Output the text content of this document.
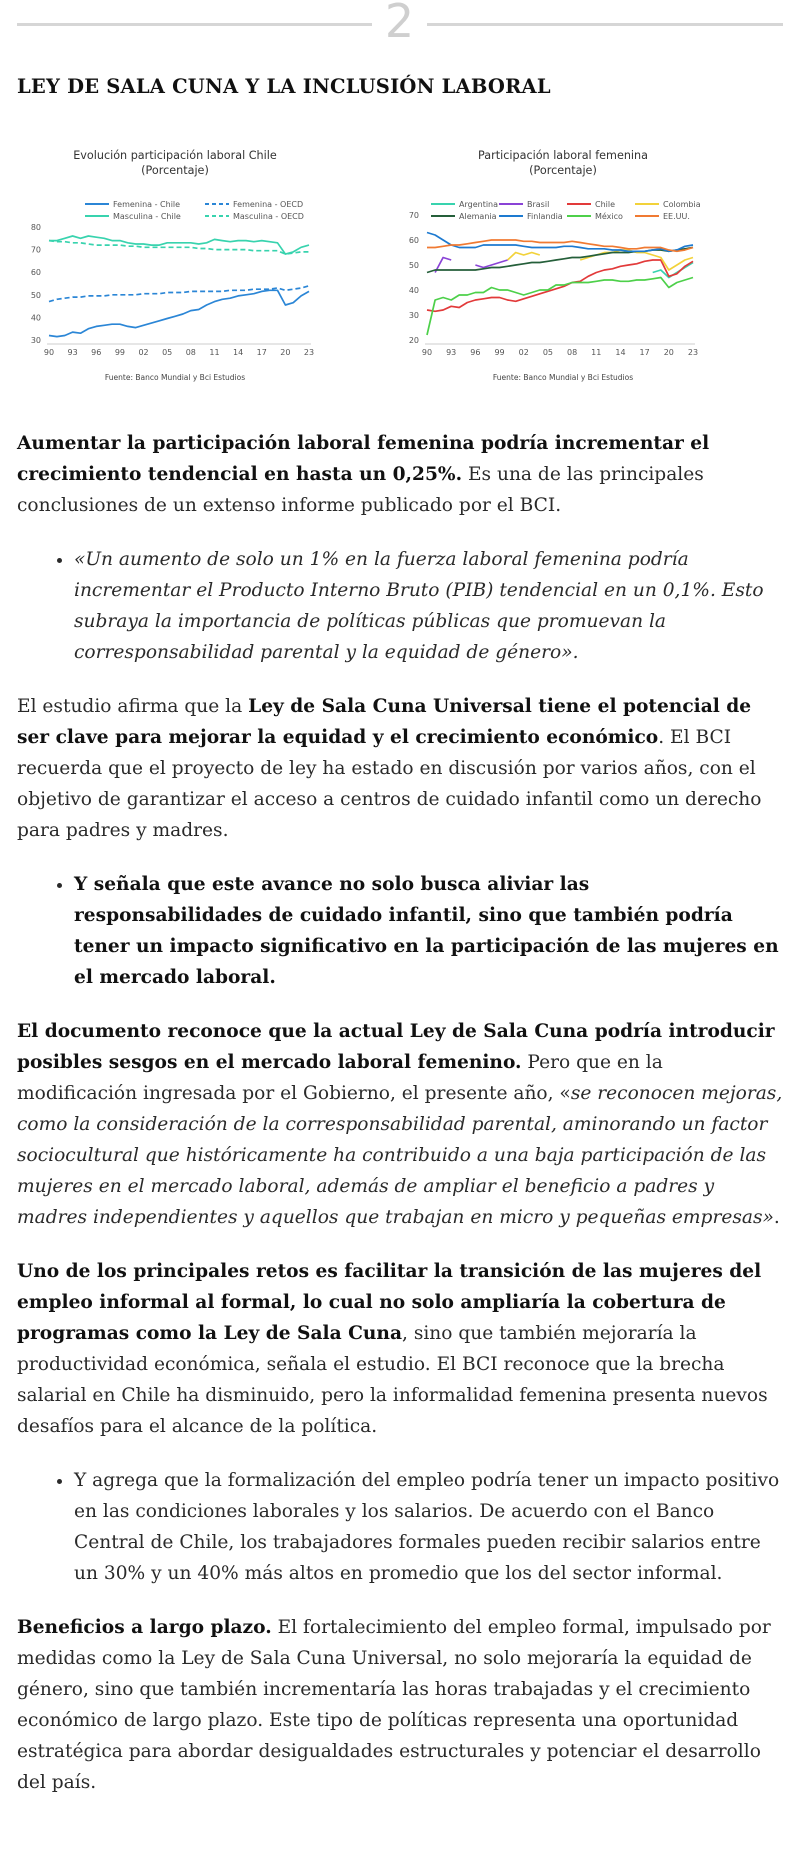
2
LEY DE SALA CUNA Y LA INCLUSIÓN LABORAL
Evolución participación laboral Chile
(Porcentaje)
Femenina - Chile	Femenina - OECD
Masculina - Chile	Masculina - OECD
30
40
50
60
70
80
90 93 96 99 02 05 08 11 14 17 20 23
Fuente: Banco Mundial y Bci Estudios
Participación laboral femenina
(Porcentaje)
Argentina	Brasil	Chile	Colombia
Alemania	Finlandia	México	EE.UU.
20
30
40
50
60
70
90 93 96 99 02 05 08 11 14 17 20 23
Fuente: Banco Mundial y Bci Estudios

Aumentar la participación laboral femenina podría incrementar el crecimiento tendencial en hasta un 0,25%. Es una de las principales conclusiones de un extenso informe publicado por el BCI.

• «Un aumento de solo un 1% en la fuerza laboral femenina podría incrementar el Producto Interno Bruto (PIB) tendencial en un 0,1%. Esto subraya la importancia de políticas públicas que promuevan la corresponsabilidad parental y la equidad de género».

El estudio afirma que la Ley de Sala Cuna Universal tiene el potencial de ser clave para mejorar la equidad y el crecimiento económico. El BCI recuerda que el proyecto de ley ha estado en discusión por varios años, con el objetivo de garantizar el acceso a centros de cuidado infantil como un derecho para padres y madres.

• Y señala que este avance no solo busca aliviar las responsabilidades de cuidado infantil, sino que también podría tener un impacto significativo en la participación de las mujeres en el mercado laboral.

El documento reconoce que la actual Ley de Sala Cuna podría introducir posibles sesgos en el mercado laboral femenino. Pero que en la modificación ingresada por el Gobierno, el presente año, «se reconocen mejoras, como la consideración de la corresponsabilidad parental, aminorando un factor sociocultural que históricamente ha contribuido a una baja participación de las mujeres en el mercado laboral, además de ampliar el beneficio a padres y madres independientes y aquellos que trabajan en micro y pequeñas empresas».

Uno de los principales retos es facilitar la transición de las mujeres del empleo informal al formal, lo cual no solo ampliaría la cobertura de programas como la Ley de Sala Cuna, sino que también mejoraría la productividad económica, señala el estudio. El BCI reconoce que la brecha salarial en Chile ha disminuido, pero la informalidad femenina presenta nuevos desafíos para el alcance de la política.

• Y agrega que la formalización del empleo podría tener un impacto positivo en las condiciones laborales y los salarios. De acuerdo con el Banco Central de Chile, los trabajadores formales pueden recibir salarios entre un 30% y un 40% más altos en promedio que los del sector informal.

Beneficios a largo plazo. El fortalecimiento del empleo formal, impulsado por medidas como la Ley de Sala Cuna Universal, no solo mejoraría la equidad de género, sino que también incrementaría las horas trabajadas y el crecimiento económico de largo plazo. Este tipo de políticas representa una oportunidad estratégica para abordar desigualdades estructurales y potenciar el desarrollo del país.
